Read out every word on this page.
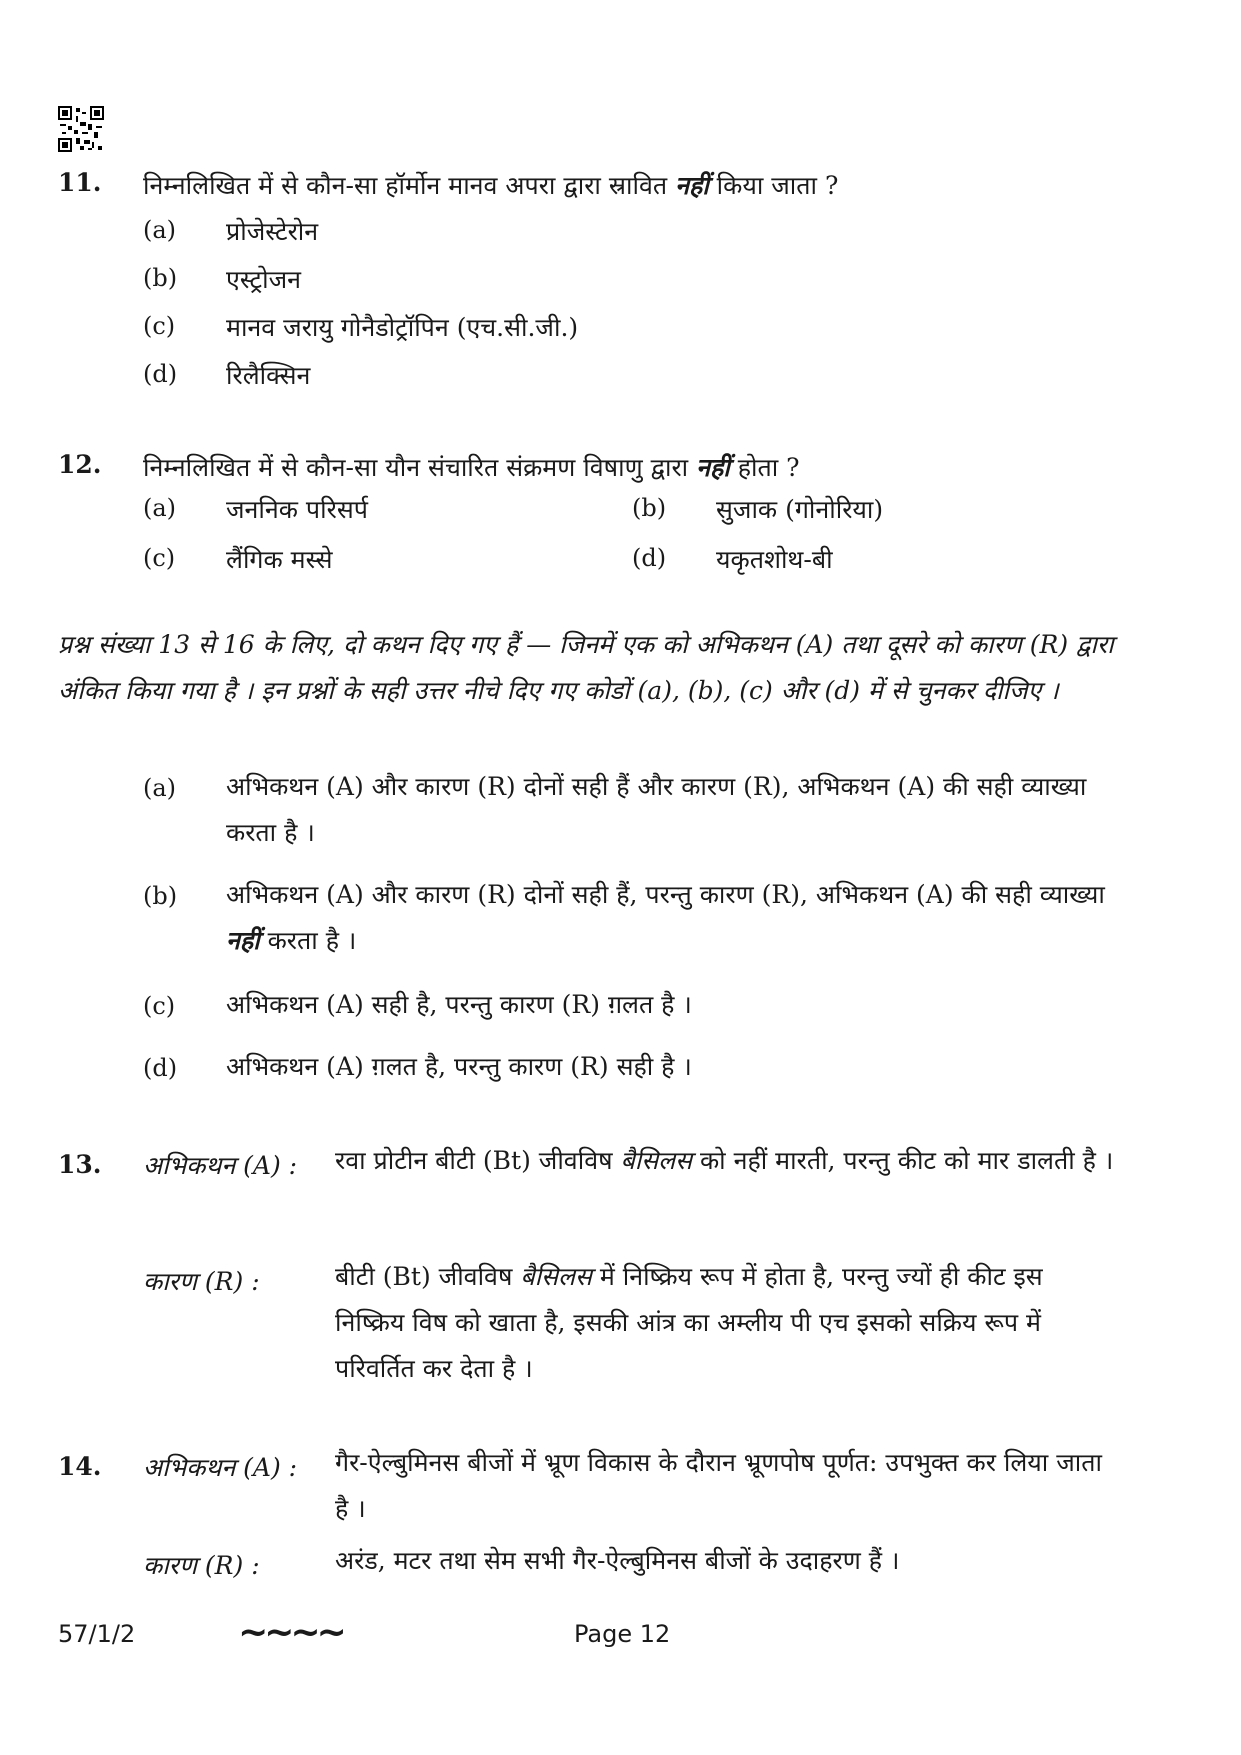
11. निम्नलिखित में से कौन-सा हॉर्मोन मानव अपरा द्वारा स्रावित नहीं किया जाता ?
(a) प्रोजेस्टेरोन
(b) एस्ट्रोजन
(c) मानव जरायु गोनैडोट्रॉपिन (एच.सी.जी.)
(d) रिलैक्सिन
12. निम्नलिखित में से कौन-सा यौन संचारित संक्रमण विषाणु द्वारा नहीं होता ?
(a) जननिक परिसर्प	(b) सुजाक (गोनोरिया)
(c) लैंगिक मस्से	(d) यकृतशोथ-बी
प्रश्न संख्या 13 से 16 के लिए, दो कथन दिए गए हैं — जिनमें एक को अभिकथन (A) तथा दूसरे को कारण (R) द्वारा अंकित किया गया है । इन प्रश्नों के सही उत्तर नीचे दिए गए कोडों (a), (b), (c) और (d) में से चुनकर दीजिए ।
(a) अभिकथन (A) और कारण (R) दोनों सही हैं और कारण (R), अभिकथन (A) की सही व्याख्या करता है ।
(b) अभिकथन (A) और कारण (R) दोनों सही हैं, परन्तु कारण (R), अभिकथन (A) की सही व्याख्या नहीं करता है ।
(c) अभिकथन (A) सही है, परन्तु कारण (R) ग़लत है ।
(d) अभिकथन (A) ग़लत है, परन्तु कारण (R) सही है ।
13. अभिकथन (A) : रवा प्रोटीन बीटी (Bt) जीवविष बैसिलस को नहीं मारती, परन्तु कीट को मार डालती है ।
कारण (R) :	बीटी (Bt) जीवविष बैसिलस में निष्क्रिय रूप में होता है, परन्तु ज्यों ही कीट इस निष्क्रिय विष को खाता है, इसकी आंत्र का अम्लीय पी एच इसको सक्रिय रूप में परिवर्तित कर देता है ।
14. अभिकथन (A) : गैर-ऐल्बुमिनस बीजों में भ्रूण विकास के दौरान भ्रूणपोष पूर्णत: उपभुक्त कर लिया जाता है ।
कारण (R) :	अरंड, मटर तथा सेम सभी गैर-ऐल्बुमिनस बीजों के उदाहरण हैं ।
57/1/2	∼∼∼∼	Page 12
